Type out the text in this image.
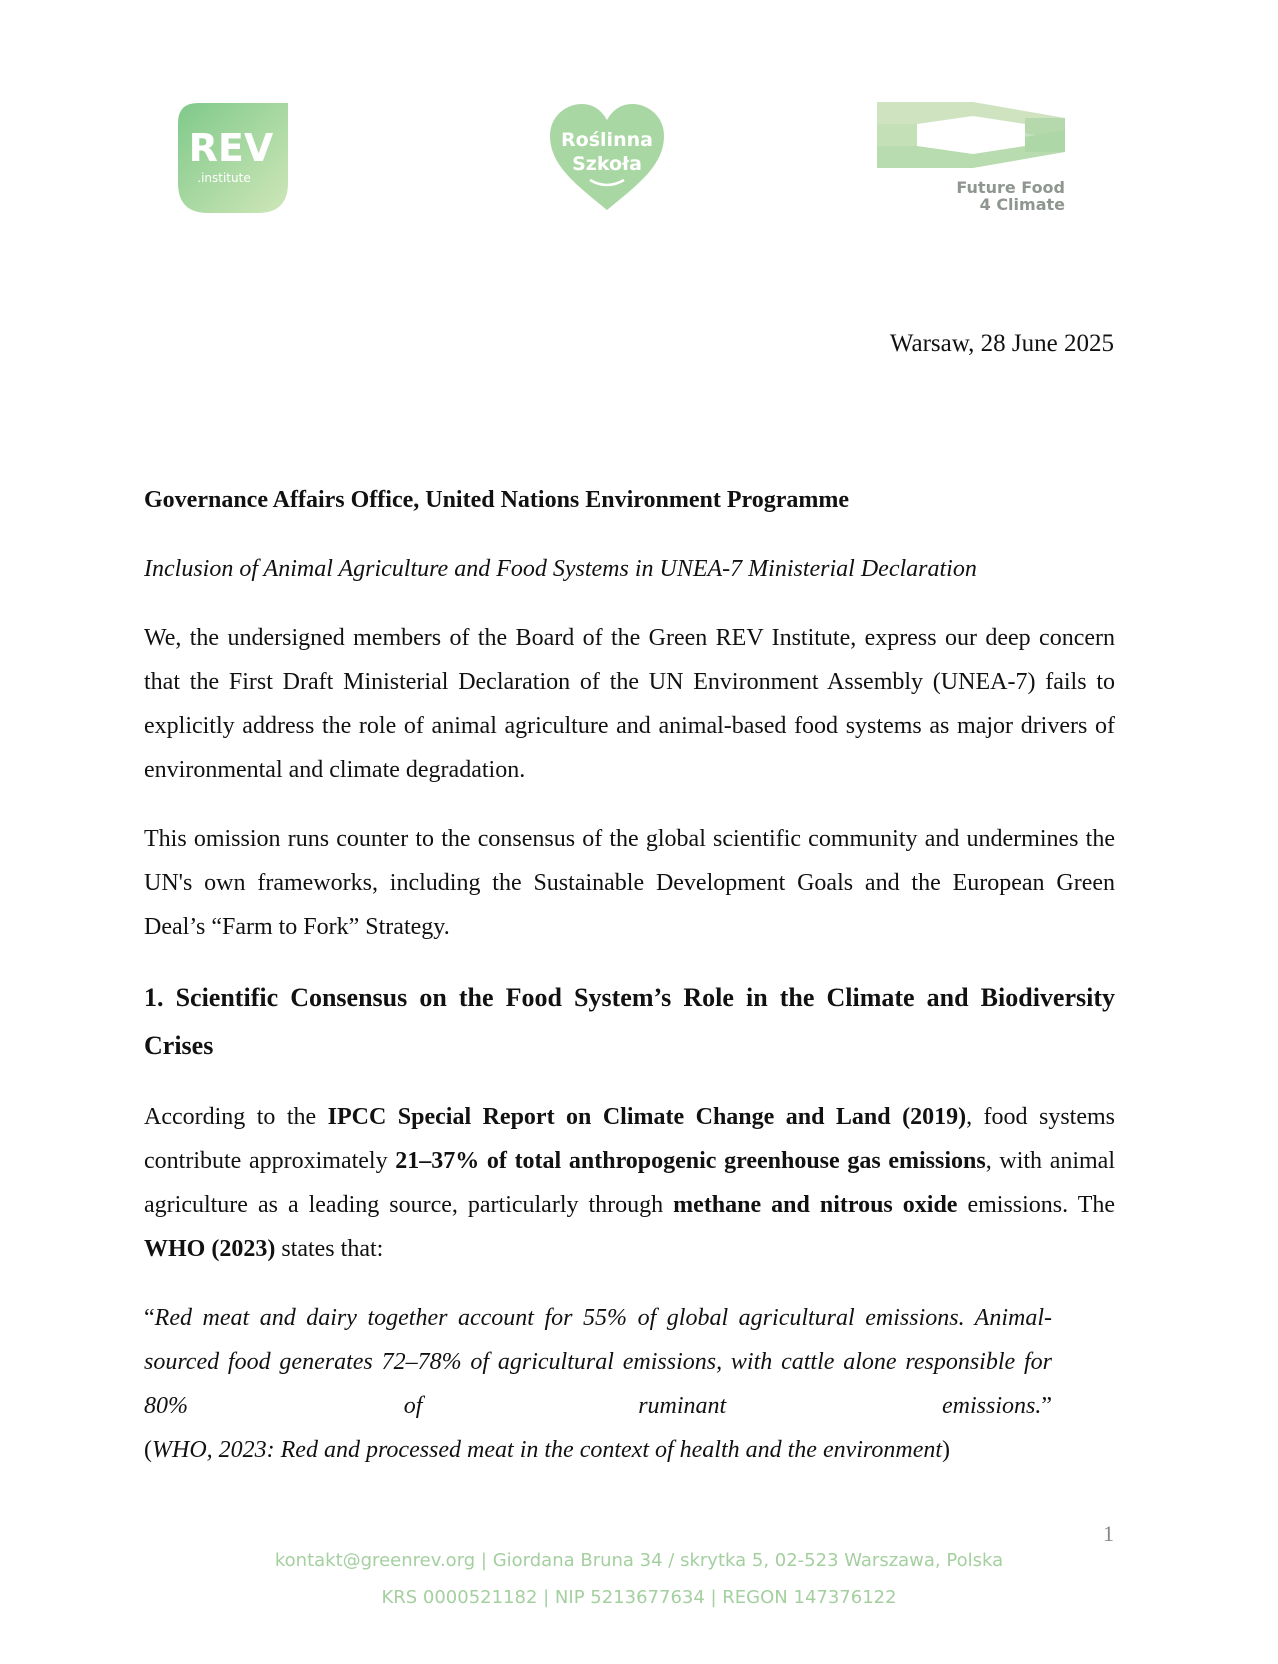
REV
.institute
Roślinna
Szkoła
Future Food
4 Climate
Warsaw, 28 June 2025

Governance Affairs Office, United Nations Environment Programme

Inclusion of Animal Agriculture and Food Systems in UNEA-7 Ministerial Declaration

We, the undersigned members of the Board of the Green REV Institute, express our deep concern that the First Draft Ministerial Declaration of the UN Environment Assembly (UNEA-7) fails to explicitly address the role of animal agriculture and animal-based food systems as major drivers of environmental and climate degradation.

This omission runs counter to the consensus of the global scientific community and undermines the UN's own frameworks, including the Sustainable Development Goals and the European Green Deal’s “Farm to Fork” Strategy.

1. Scientific Consensus on the Food System’s Role in the Climate and Biodiversity Crises

According to the IPCC Special Report on Climate Change and Land (2019), food systems contribute approximately 21–37% of total anthropogenic greenhouse gas emissions, with animal agriculture as a leading source, particularly through methane and nitrous oxide emissions. The WHO (2023) states that:

“Red meat and dairy together account for 55% of global agricultural emissions. Animal-sourced food generates 72–78% of agricultural emissions, with cattle alone responsible for 80% of ruminant emissions.”

(WHO, 2023: Red and processed meat in the context of health and the environment)

1
kontakt@greenrev.org | Giordana Bruna 34 / skrytka 5, 02-523 Warszawa, Polska
KRS 0000521182 | NIP 5213677634 | REGON 147376122
